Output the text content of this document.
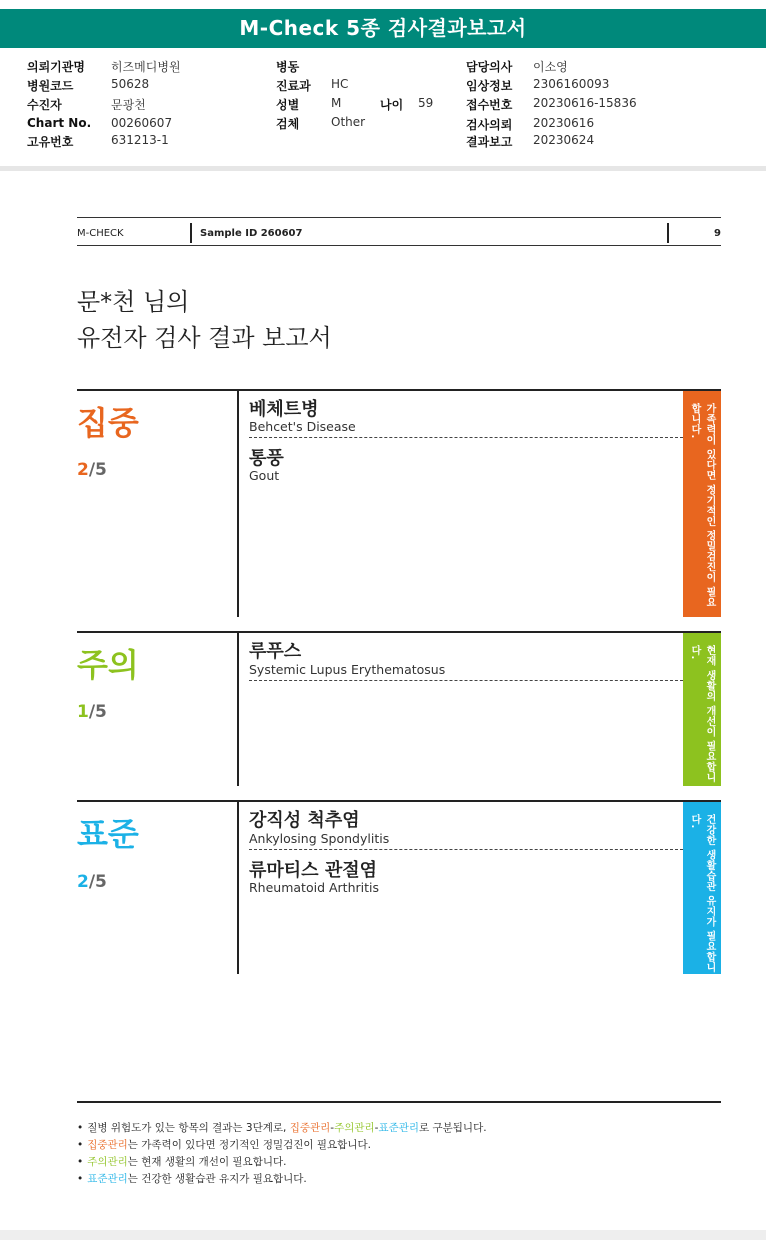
M-Check 5종 검사결과보고서
의뢰기관명 히즈메디병원
병원코드	50628
수진자	문광천
Chart No. 00260607
고유번호	631213-1
병동
진료과 HC
성별	M	나이 59
검체	Other
담당의사 이소영
임상정보 2306160093
접수번호 20230616-15836
검사의뢰 20230616
결과보고 20230624
M-CHECK	Sample ID 260607	9
문*천 님의
유전자 검사 결과 보고서
집중
2/5
베체트병
Behcet's Disease
통풍
Gout	가족력이 있다면 정기적인 정밀검진이 필요합니다.
주의
1/5
루푸스
Systemic Lupus Erythematosus	현재 생활의 개선이 필요합니다.
표준
2/5
강직성 척추염
Ankylosing Spondylitis
류마티스 관절염
Rheumatoid Arthritis	건강한 생활습관 유지가 필요합니다.
• 질병 위험도가 있는 항목의 결과는 3단계로, 집중관리-주의관리-표준관리로 구분됩니다.
• 집중관리는 가족력이 있다면 정기적인 정밀검진이 필요합니다.
• 주의관리는 현재 생활의 개선이 필요합니다.
• 표준관리는 건강한 생활습관 유지가 필요합니다.
